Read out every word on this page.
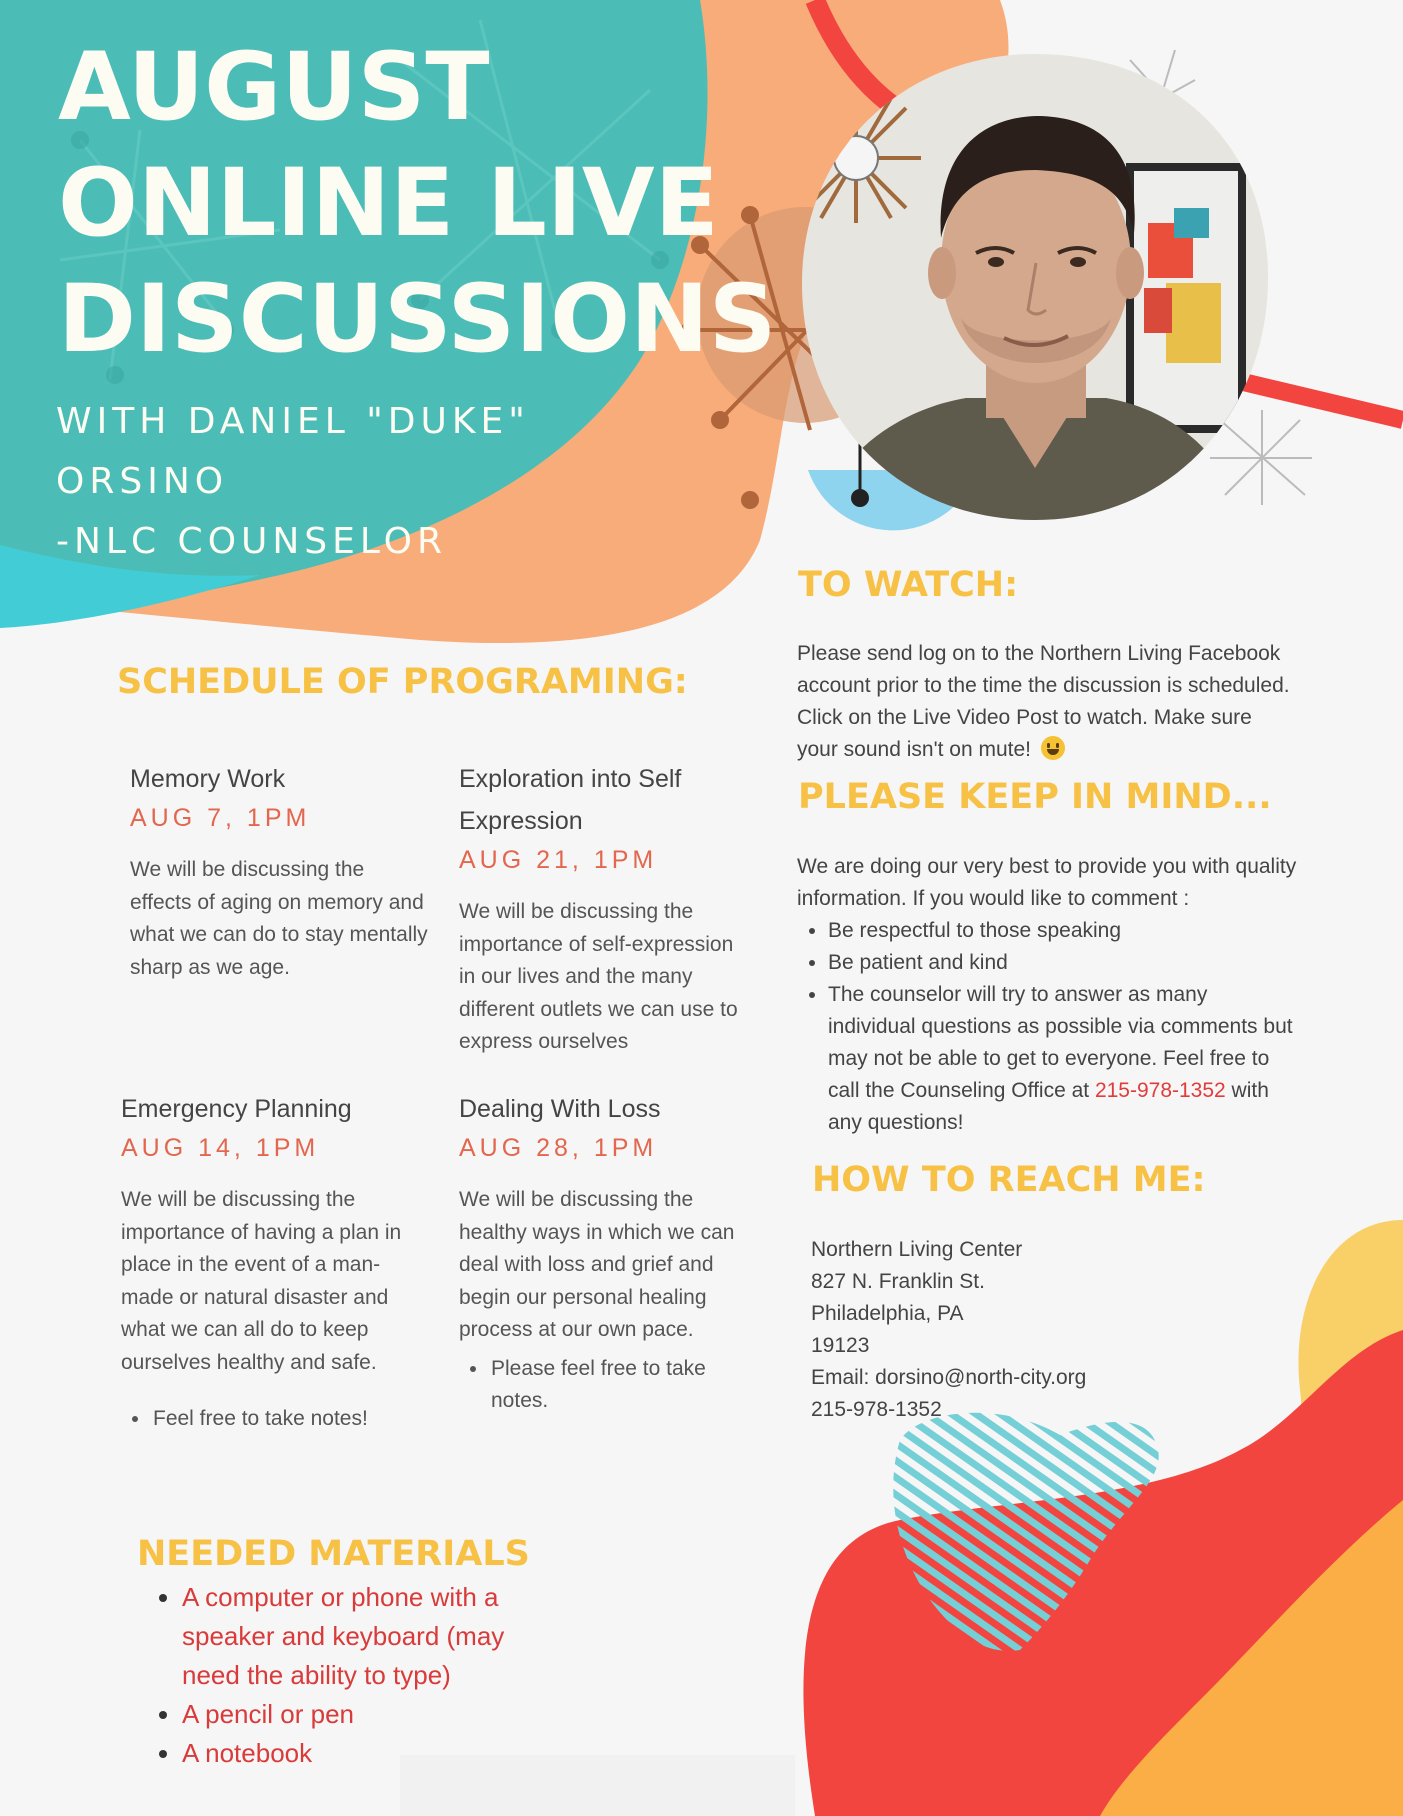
AUGUST
ONLINE LIVE
DISCUSSIONS
WITH DANIEL "DUKE" ORSINO
-NLC COUNSELOR
SCHEDULE OF PROGRAMING:
Memory Work
AUG 7, 1PM
We will be discussing the effects of aging on memory and what we can do to stay mentally sharp as we age.
Exploration into Self Expression
AUG 21, 1PM
We will be discussing the importance of self-expression in our lives and the many different outlets we can use to express ourselves
Emergency Planning
AUG 14, 1PM
We will be discussing the importance of having a plan in place in the event of a man-made or natural disaster and what we can all do to keep ourselves healthy and safe.
• Feel free to take notes!
Dealing With Loss
AUG 28, 1PM
We will be discussing the healthy ways in which we can deal with loss and grief and begin our personal healing process at our own pace.
• Please feel free to take notes.
TO WATCH:
Please send log on to the Northern Living Facebook account prior to the time the discussion is scheduled. Click on the Live Video Post to watch. Make sure your sound isn't on mute!
PLEASE KEEP IN MIND...
We are doing our very best to provide you with quality information. If you would like to comment :
• Be respectful to those speaking
• Be patient and kind
• The counselor will try to answer as many individual questions as possible via comments but may not be able to get to everyone. Feel free to call the Counseling Office at 215-978-1352 with any questions!
HOW TO REACH ME:
Northern Living Center
827 N. Franklin St.
Philadelphia, PA
19123
Email: dorsino@north-city.org
215-978-1352
NEEDED MATERIALS
• A computer or phone with a speaker and keyboard (may need the ability to type)
• A pencil or pen
• A notebook
